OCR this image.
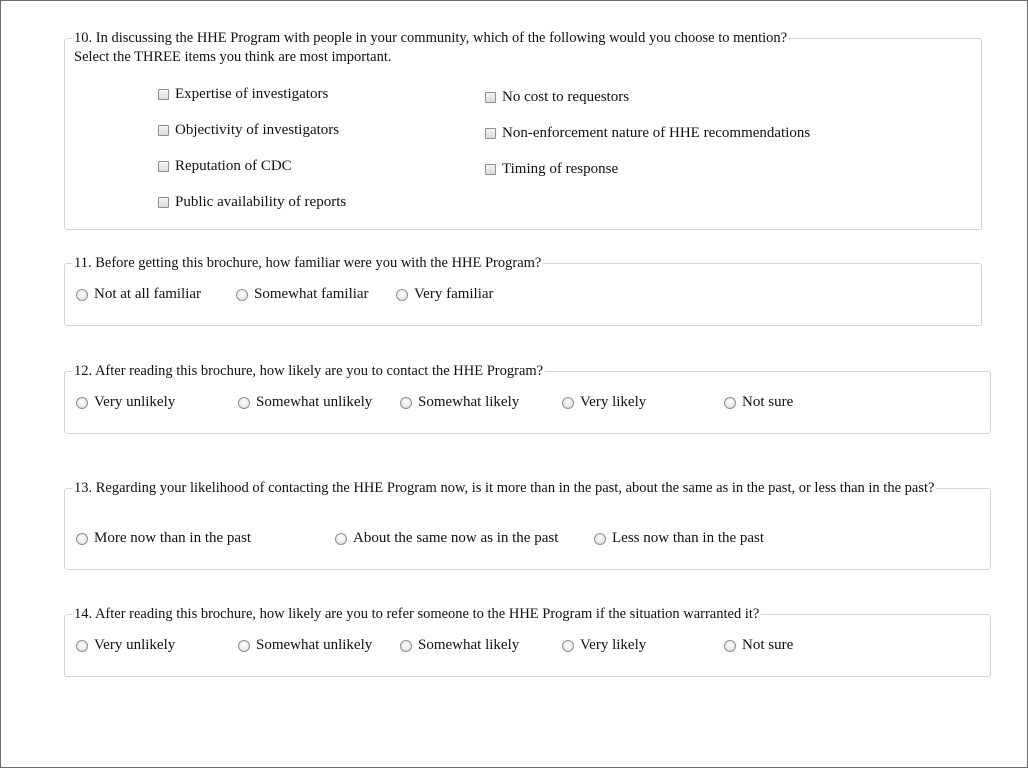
10. In discussing the HHE Program with people in your community, which of the following would you choose to mention?
Select the THREE items you think are most important.
Expertise of investigators
Objectivity of investigators
Reputation of CDC
Public availability of reports
No cost to requestors
Non-enforcement nature of HHE recommendations
Timing of response
11. Before getting this brochure, how familiar were you with the HHE Program?
Not at all familiar	Somewhat familiar	Very familiar
12. After reading this brochure, how likely are you to contact the HHE Program?
Very unlikely	Somewhat unlikely	Somewhat likely	Very likely	Not sure
13. Regarding your likelihood of contacting the HHE Program now, is it more than in the past, about the same as in the past, or less than in the past?
More now than in the past	About the same now as in the past	Less now than in the past
14. After reading this brochure, how likely are you to refer someone to the HHE Program if the situation warranted it?
Very unlikely	Somewhat unlikely	Somewhat likely	Very likely	Not sure
